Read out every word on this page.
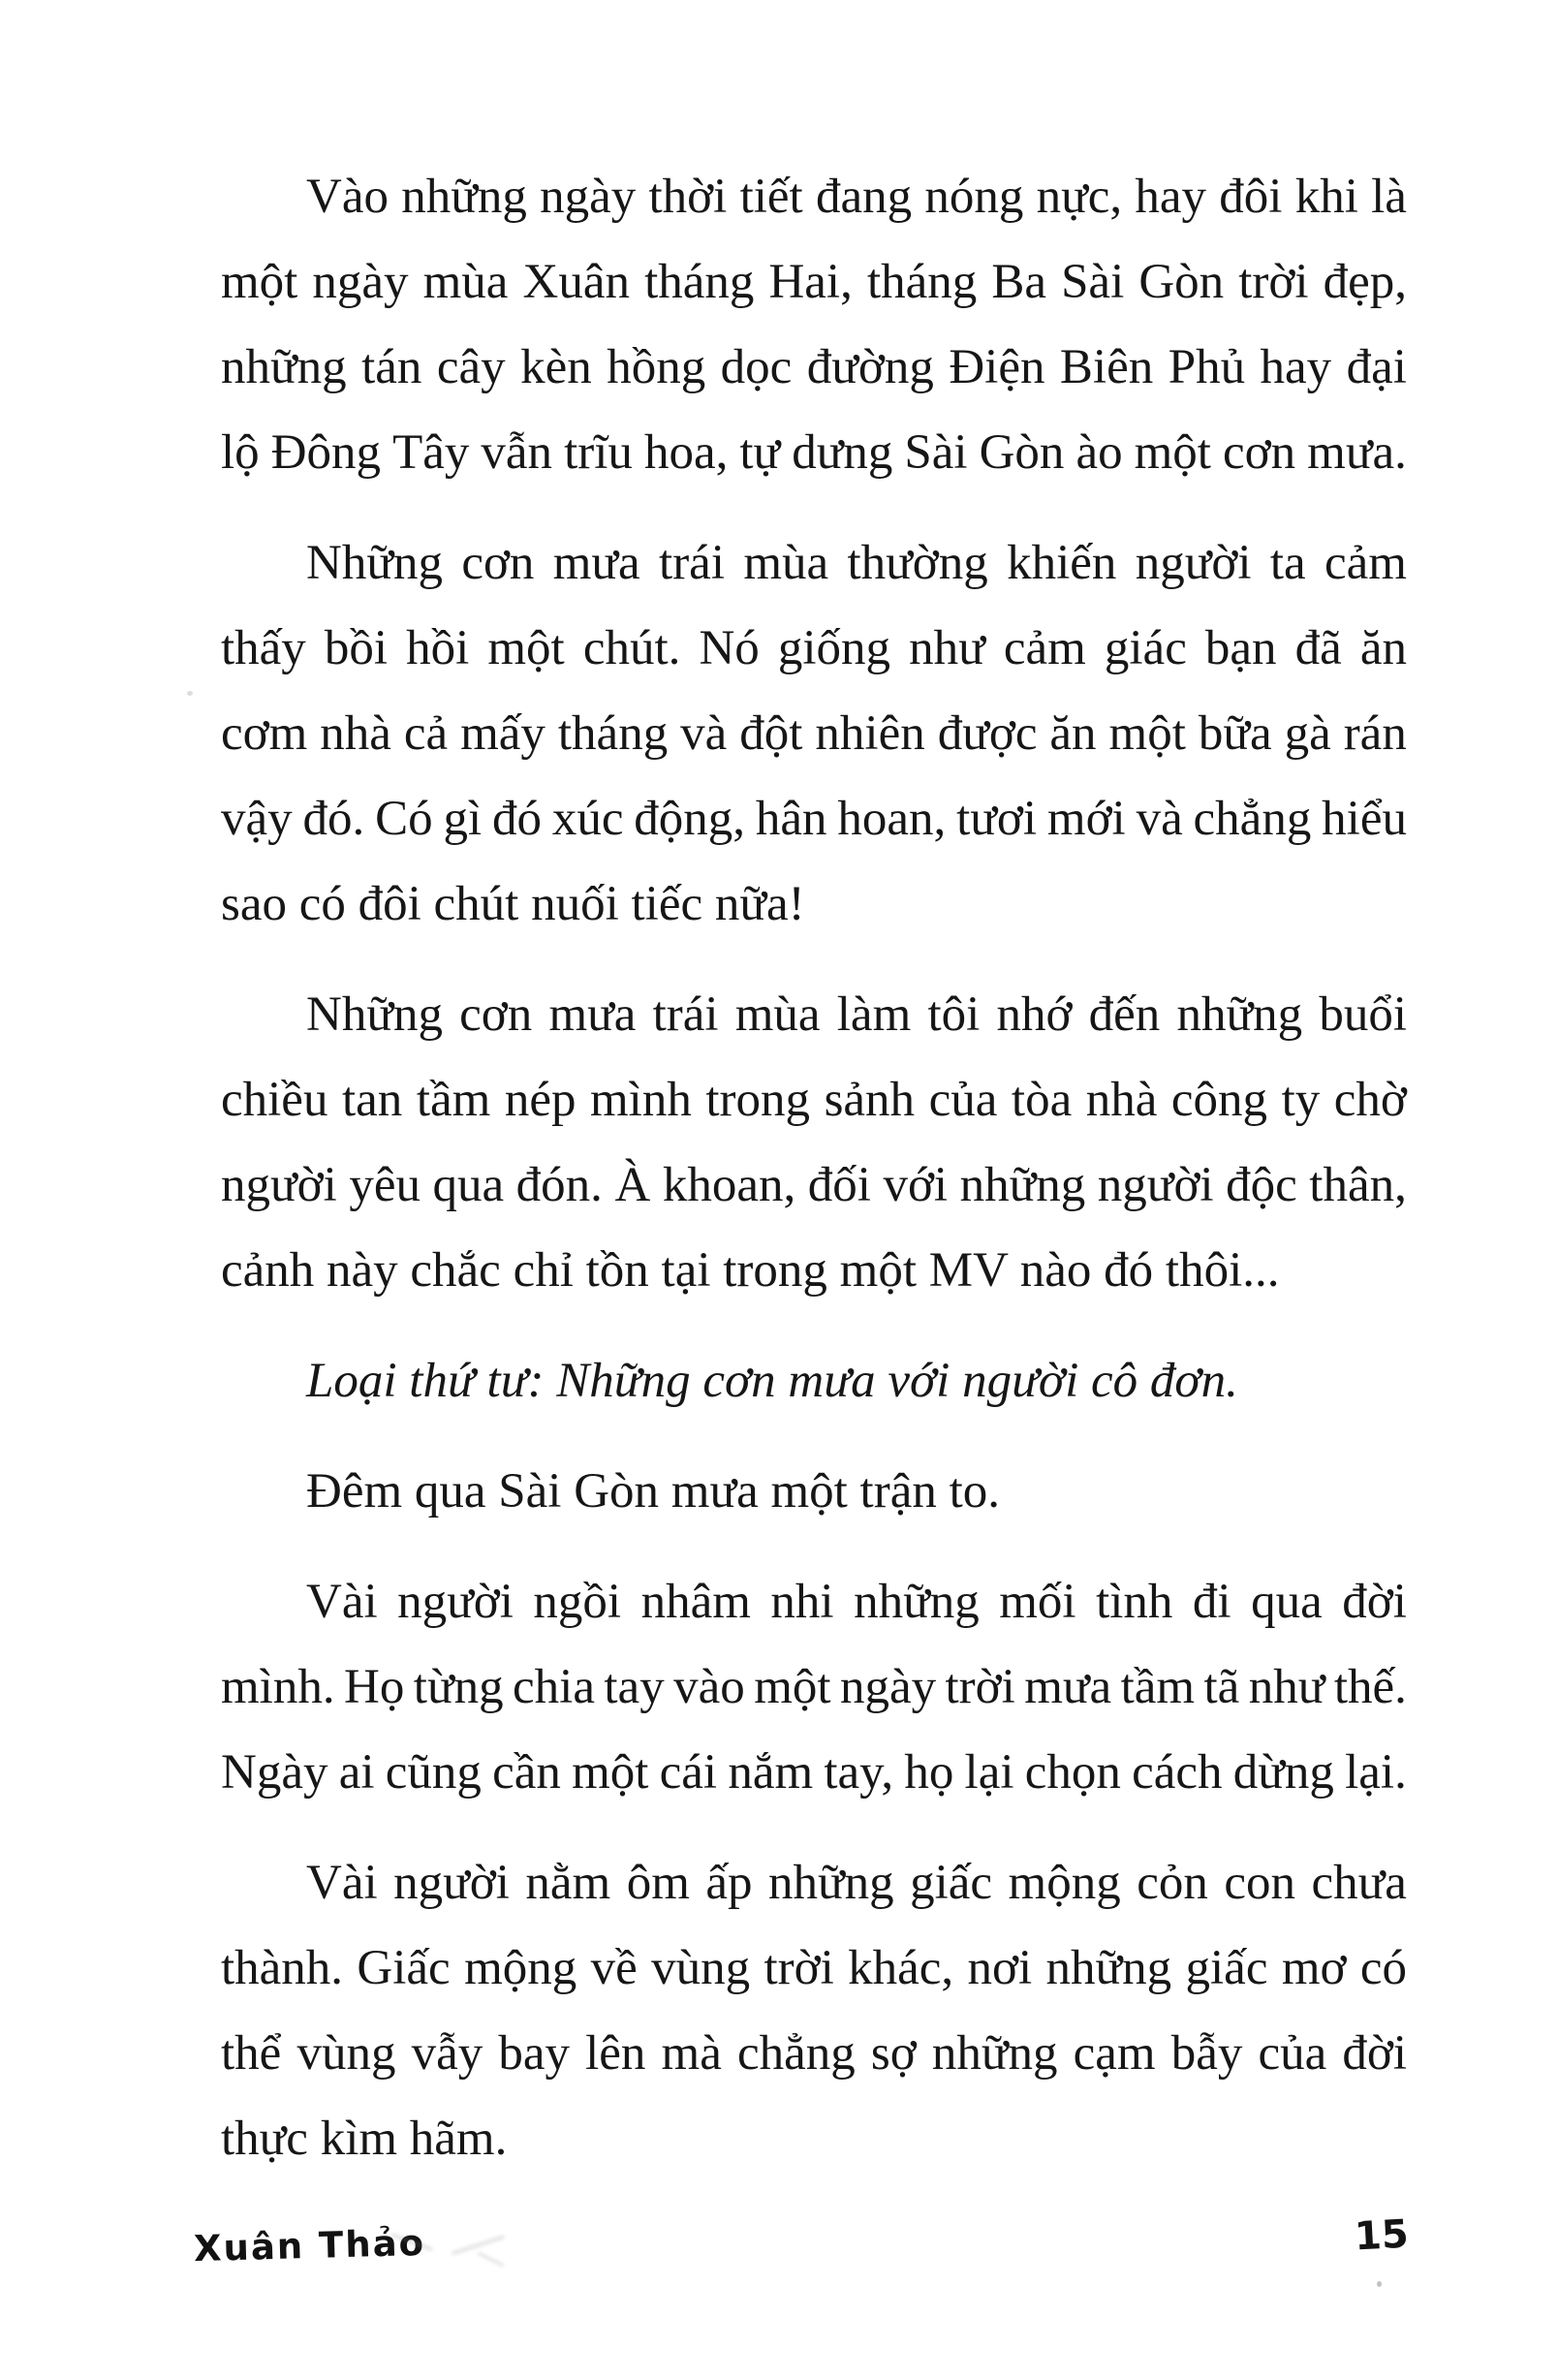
Vào những ngày thời tiết đang nóng nực, hay đôi khi là
một ngày mùa Xuân tháng Hai, tháng Ba Sài Gòn trời đẹp,
những tán cây kèn hồng dọc đường Điện Biên Phủ hay đại
lộ Đông Tây vẫn trĩu hoa, tự dưng Sài Gòn ào một cơn mưa.
Những cơn mưa trái mùa thường khiến người ta cảm
thấy bồi hồi một chút. Nó giống như cảm giác bạn đã ăn
cơm nhà cả mấy tháng và đột nhiên được ăn một bữa gà rán
vậy đó. Có gì đó xúc động, hân hoan, tươi mới và chẳng hiểu
sao có đôi chút nuối tiếc nữa!
Những cơn mưa trái mùa làm tôi nhớ đến những buổi
chiều tan tầm nép mình trong sảnh của tòa nhà công ty chờ
người yêu qua đón. À khoan, đối với những người độc thân,
cảnh này chắc chỉ tồn tại trong một MV nào đó thôi...
Loại thứ tư: Những cơn mưa với người cô đơn.
Đêm qua Sài Gòn mưa một trận to.
Vài người ngồi nhâm nhi những mối tình đi qua đời
mình. Họ từng chia tay vào một ngày trời mưa tầm tã như thế.
Ngày ai cũng cần một cái nắm tay, họ lại chọn cách dừng lại.
Vài người nằm ôm ấp những giấc mộng cỏn con chưa
thành. Giấc mộng về vùng trời khác, nơi những giấc mơ có
thể vùng vẫy bay lên mà chẳng sợ những cạm bẫy của đời
thực kìm hãm.
Xuân Thảo	15
